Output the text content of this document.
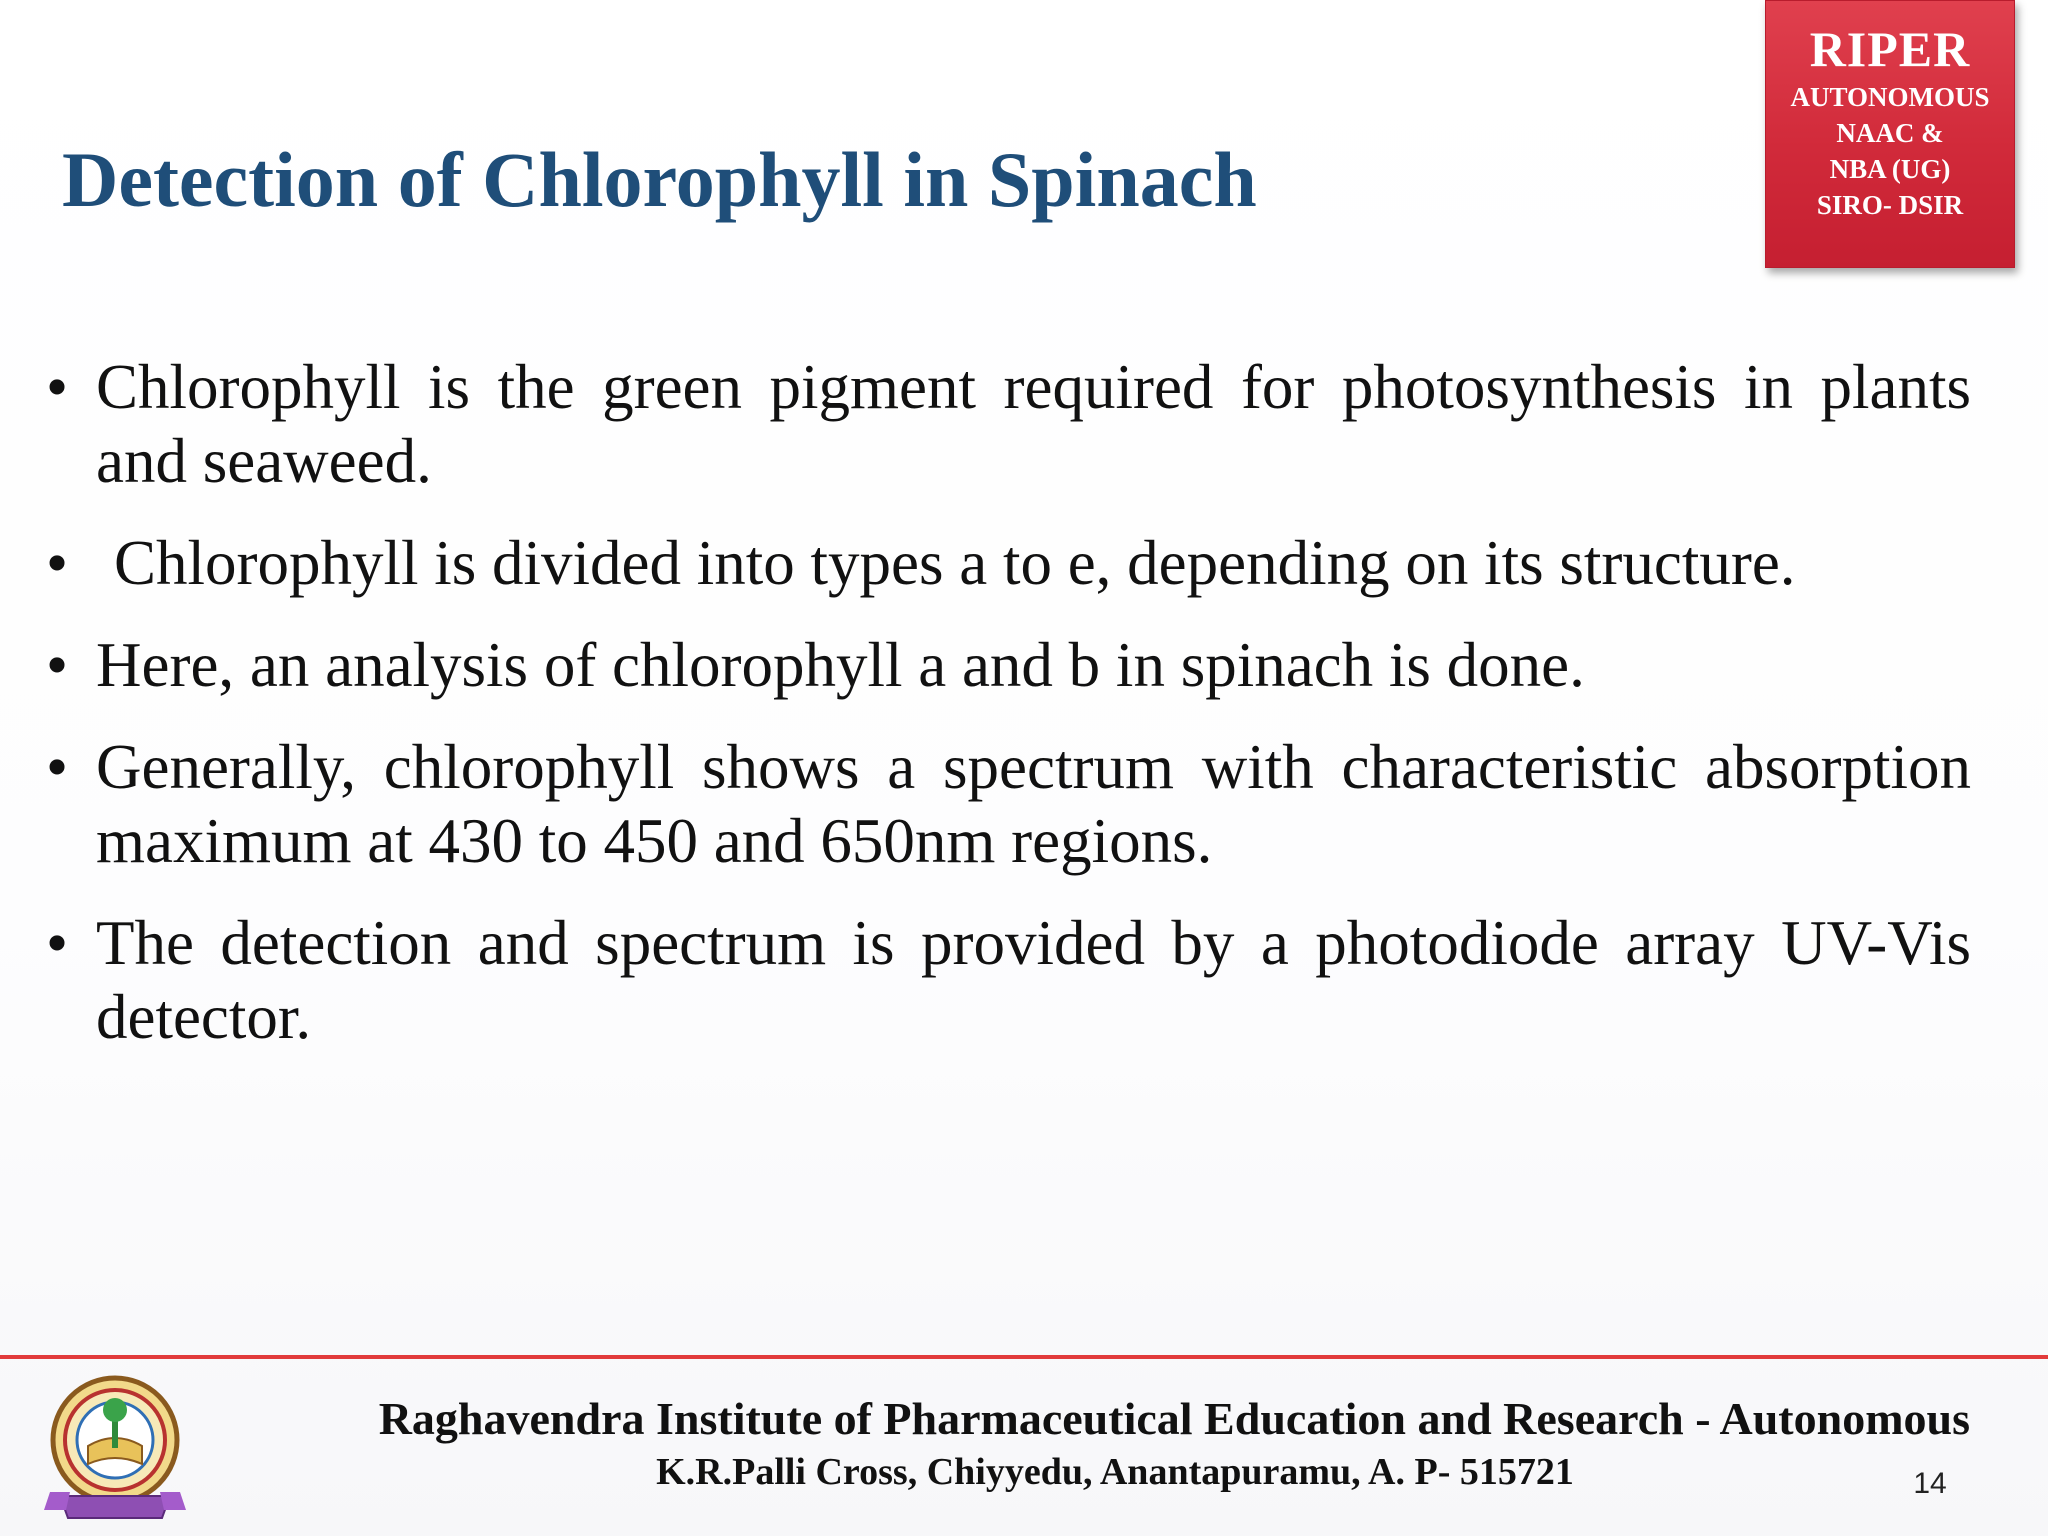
Detection of Chlorophyll in Spinach
RIPER
AUTONOMOUS
NAAC &
NBA (UG)
SIRO- DSIR
• Chlorophyll is the green pigment required for photosynthesis in plants and seaweed.
• Chlorophyll is divided into types a to e, depending on its structure.
• Here, an analysis of chlorophyll a and b in spinach is done.
• Generally, chlorophyll shows a spectrum with characteristic absorption maximum at 430 to 450 and 650nm regions.
• The detection and spectrum is provided by a photodiode array UV-Vis detector.

Raghavendra Institute of Pharmaceutical Education and Research - Autonomous

K.R.Palli Cross, Chiyyedu, Anantapuramu, A. P- 515721	14
